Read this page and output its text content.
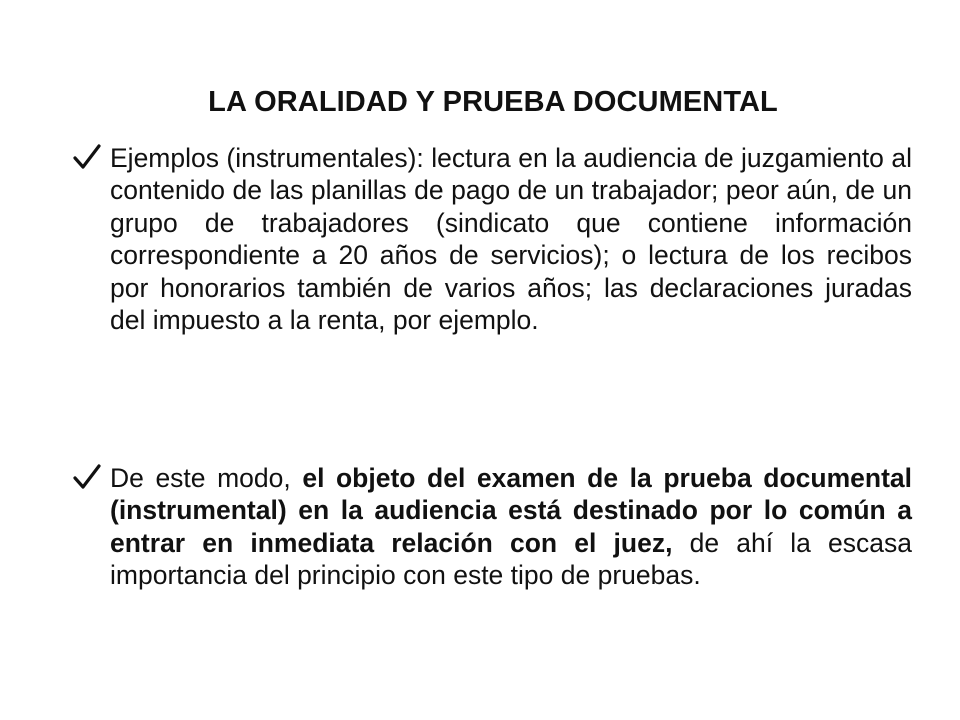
LA ORALIDAD Y PRUEBA DOCUMENTAL
Ejemplos (instrumentales): lectura en la audiencia de juzgamiento al contenido de las planillas de pago de un trabajador; peor aún, de un grupo de trabajadores (sindicato que contiene información correspondiente a 20 años de servicios); o lectura de los recibos por honorarios también de varios años; las declaraciones juradas del impuesto a la renta, por ejemplo.
De este modo, el objeto del examen de la prueba documental (instrumental) en la audiencia está destinado por lo común a entrar en inmediata relación con el juez, de ahí la escasa importancia del principio con este tipo de pruebas.
